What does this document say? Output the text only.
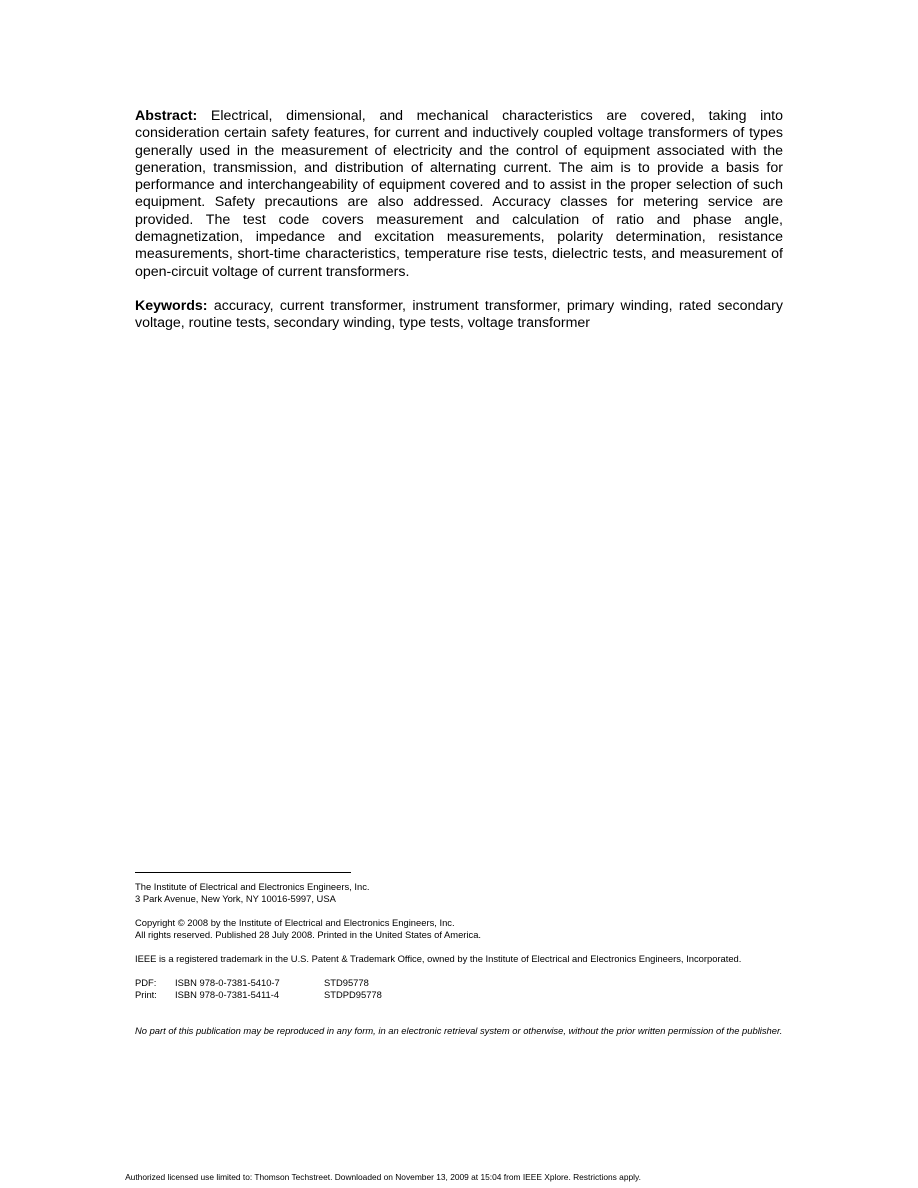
Abstract: Electrical, dimensional, and mechanical characteristics are covered, taking into consideration certain safety features, for current and inductively coupled voltage transformers of types generally used in the measurement of electricity and the control of equipment associated with the generation, transmission, and distribution of alternating current. The aim is to provide a basis for performance and interchangeability of equipment covered and to assist in the proper selection of such equipment. Safety precautions are also addressed. Accuracy classes for metering service are provided. The test code covers measurement and calculation of ratio and phase angle, demagnetization, impedance and excitation measurements, polarity determination, resistance measurements, short-time characteristics, temperature rise tests, dielectric tests, and measurement of open-circuit voltage of current transformers.

Keywords: accuracy, current transformer, instrument transformer, primary winding, rated secondary voltage, routine tests, secondary winding, type tests, voltage transformer

The Institute of Electrical and Electronics Engineers, Inc.
3 Park Avenue, New York, NY 10016-5997, USA
Copyright © 2008 by the Institute of Electrical and Electronics Engineers, Inc.
All rights reserved. Published 28 July 2008. Printed in the United States of America.
IEEE is a registered trademark in the U.S. Patent & Trademark Office, owned by the Institute of Electrical and Electronics Engineers, Incorporated.
PDF:	ISBN 978-0-7381-5410-7	STD95778
Print:	ISBN 978-0-7381-5411-4	STDPD95778
No part of this publication may be reproduced in any form, in an electronic retrieval system or otherwise, without the prior written permission of the publisher.
Authorized licensed use limited to: Thomson Techstreet. Downloaded on November 13, 2009 at 15:04 from IEEE Xplore. Restrictions apply.
